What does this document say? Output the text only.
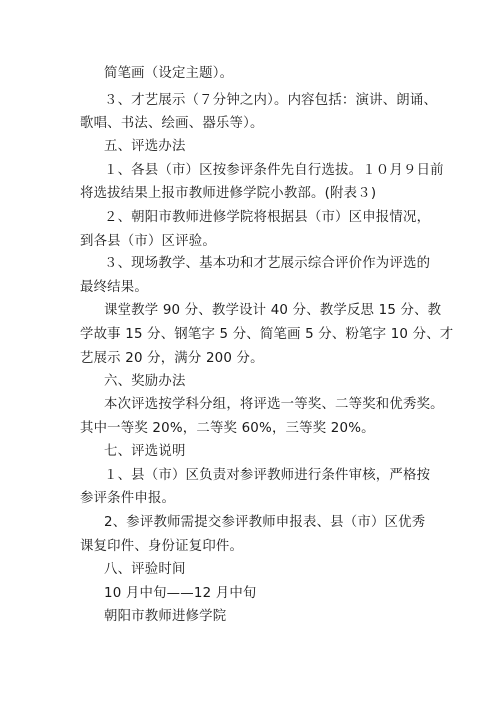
简笔画（设定主题）。
３、才艺展示（７分钟之内）。内容包括：演讲、朗诵、
歌唱、书法、绘画、器乐等）。
五、评选办法
１、各县（市）区按参评条件先自行选拔。１０月９日前
将选拔结果上报市教师进修学院小教部。(附表３)
２、朝阳市教师进修学院将根据县（市）区申报情况，
到各县（市）区评验。
３、现场教学、基本功和才艺展示综合评价作为评选的
最终结果。
课堂教学 90 分、教学设计 40 分、教学反思 15 分、教
学故事 15 分、钢笔字 5 分、简笔画 5 分、粉笔字 10 分、才
艺展示 20 分，满分 200 分。
六、奖励办法
本次评选按学科分组，将评选一等奖、二等奖和优秀奖。
其中一等奖 20%，二等奖 60%，三等奖 20%。
七、评选说明
１、县（市）区负责对参评教师进行条件审核，严格按
参评条件申报。
2、参评教师需提交参评教师申报表、县（市）区优秀
课复印件、身份证复印件。
八、评验时间
10 月中旬——12 月中旬
朝阳市教师进修学院
